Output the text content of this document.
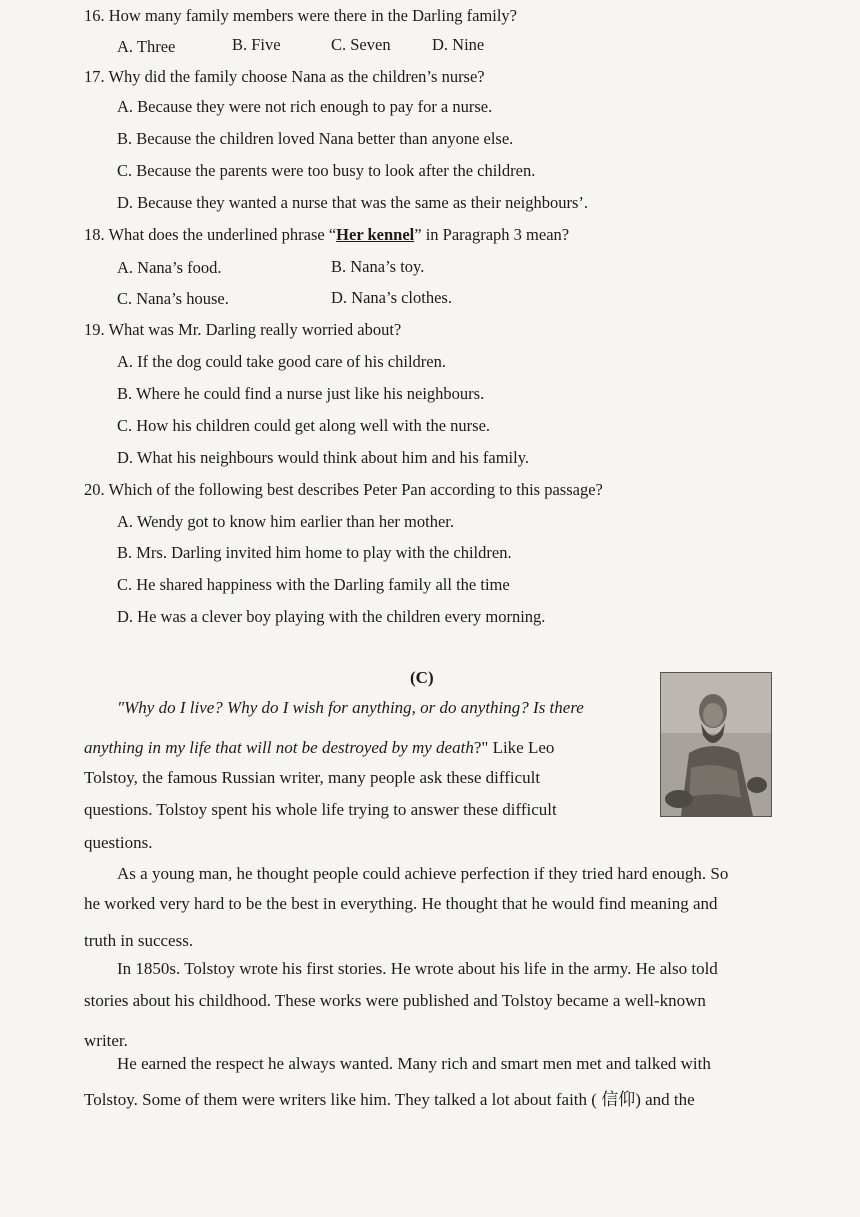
16. How many family members were there in the Darling family?
A. Three	B. Five	C. Seven	D. Nine
17. Why did the family choose Nana as the children’s nurse?
A. Because they were not rich enough to pay for a nurse.
B. Because the children loved Nana better than anyone else.
C. Because the parents were too busy to look after the children.
D. Because they wanted a nurse that was the same as their neighbours’.
18. What does the underlined phrase “Her kennel” in Paragraph 3 mean?
A. Nana’s food.	B. Nana’s toy.
C. Nana’s house.	D. Nana’s clothes.
19. What was Mr. Darling really worried about?
A. If the dog could take good care of his children.
B. Where he could find a nurse just like his neighbours.
C. How his children could get along well with the nurse.
D. What his neighbours would think about him and his family.
20. Which of the following best describes Peter Pan according to this passage?
A. Wendy got to know him earlier than her mother.
B. Mrs. Darling invited him home to play with the children.
C. He shared happiness with the Darling family all the time
D. He was a clever boy playing with the children every morning.
(C)
"Why do I live? Why do I wish for anything, or do anything? Is there
anything in my life that will not be destroyed by my death?" Like Leo
Tolstoy, the famous Russian writer, many people ask these difficult
questions. Tolstoy spent his whole life trying to answer these difficult
questions.
As a young man, he thought people could achieve perfection if they tried hard enough. So
he worked very hard to be the best in everything. He thought that he would find meaning and
truth in success.
In 1850s. Tolstoy wrote his first stories. He wrote about his life in the army. He also told
stories about his childhood. These works were published and Tolstoy became a well-known
writer.
He earned the respect he always wanted. Many rich and smart men met and talked with
Tolstoy. Some of them were writers like him. They talked a lot about faith ( 信仰) and the
